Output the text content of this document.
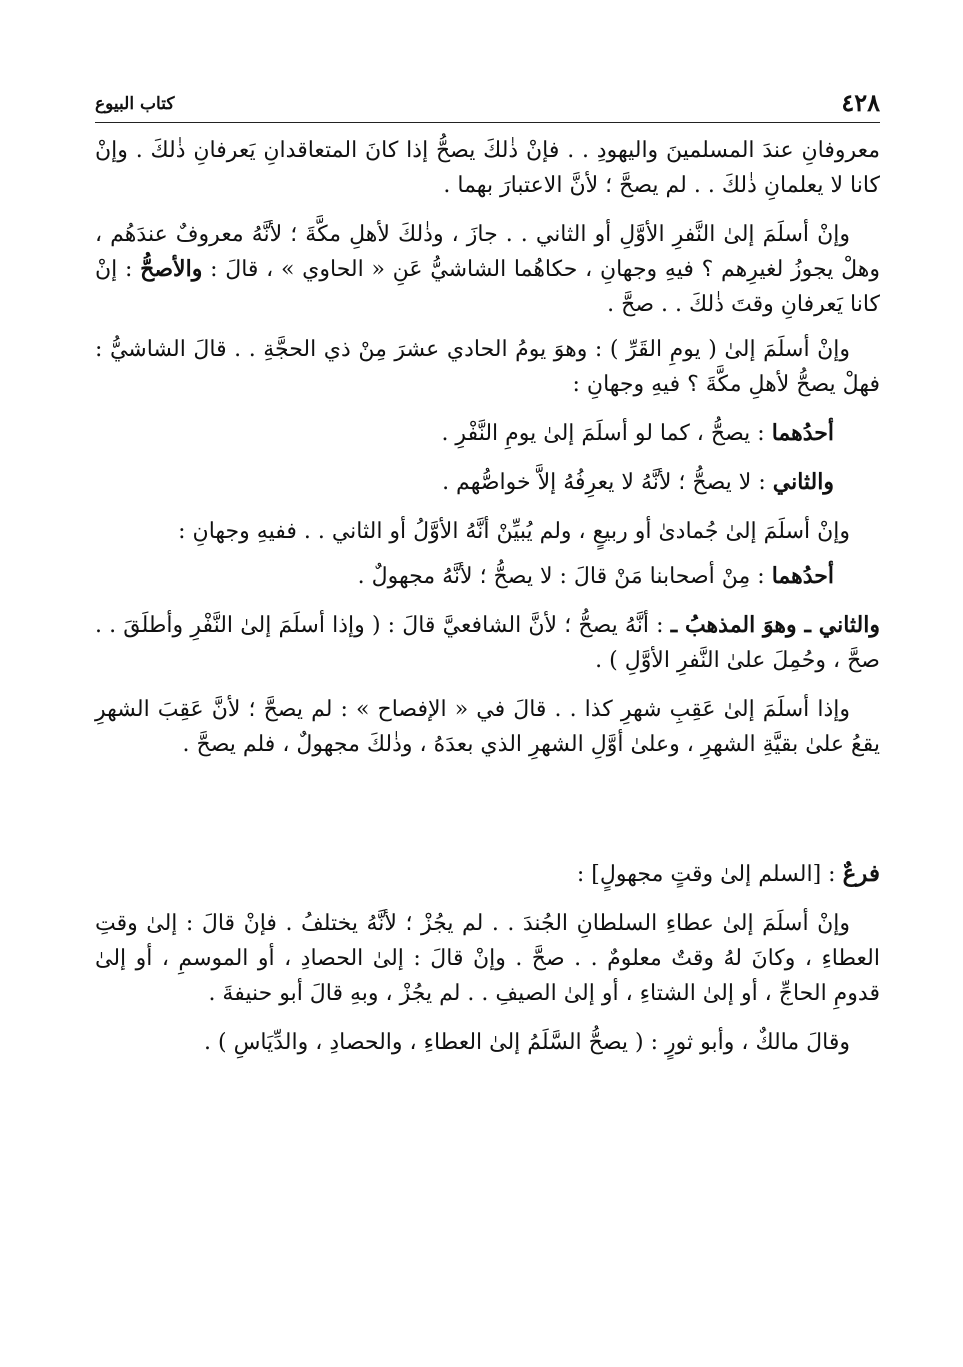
٤٢٨
كتاب البيوع

معروفانِ عندَ المسلمينَ واليهودِ . . فإنْ ذٰلكَ يصحُّ إذا كانَ المتعاقدانِ يَعرفانِ ذٰلكَ . وإنْ كانا لا يعلمانِ ذٰلكَ . . لم يصحَّ ؛ لأنَّ الاعتبارَ بهما .

وإنْ أسلَمَ إلىٰ النَّفرِ الأوَّلِ أو الثاني . . جازَ ، وذٰلكَ لأهلِ مكَّةَ ؛ لأنَّهُ معروفٌ عندَهُم ، وهلْ يجوزُ لغيرِهم ؟ فيهِ وجهانِ ، حكاهُما الشاشيُّ عَنِ « الحاوي » ، قالَ : والأصحُّ : إنْ كانا يَعرفانِ وقتَ ذٰلكَ . . صحَّ .

وإنْ أسلَمَ إلىٰ ( يومِ القَرِّ ) : وهوَ يومُ الحادي عشرَ مِنْ ذي الحجَّةِ . . قالَ الشاشيُّ : فهلْ يصحُّ لأهلِ مكَّةَ ؟ فيهِ وجهانِ :

أحدُهما : يصحُّ ، كما لو أسلَمَ إلىٰ يومِ النَّفْرِ .

والثاني : لا يصحُّ ؛ لأنَّهُ لا يعرِفُهُ إلاَّ خواصُّهم .

وإنْ أسلَمَ إلىٰ جُمادىٰ أو ربيعٍ ، ولم يُبيِّنْ أنَّهُ الأوَّلُ أو الثاني . . ففيهِ وجهانِ :

أحدُهما : مِنْ أصحابنا مَنْ قالَ : لا يصحُّ ؛ لأنَّهُ مجهولٌ .

والثاني ـ وهوَ المذهبُ ـ : أنَّهُ يصحُّ ؛ لأنَّ الشافعيَّ قالَ : ( وإذا أسلَمَ إلىٰ النَّفْرِ وأطلَقَ . . صحَّ ، وحُمِلَ علىٰ النَّفرِ الأوَّلِ ) .

وإذا أسلَمَ إلىٰ عَقِبِ شهرِ كذا . . قالَ في « الإفصاح » : لم يصحَّ ؛ لأنَّ عَقِبَ الشهرِ يقعُ علىٰ بقيَّةِ الشهرِ ، وعلىٰ أوَّلِ الشهرِ الذي بعدَهُ ، وذٰلكَ مجهولٌ ، فلم يصحَّ .

فرعٌ : [السلم إلىٰ وقتٍ مجهولٍ] :

وإنْ أسلَمَ إلىٰ عطاءِ السلطانِ الجُندَ . . لم يجُزْ ؛ لأنَّهُ يختلفُ . فإنْ قالَ : إلىٰ وقتِ العطاءِ ، وكانَ لهُ وقتٌ معلومٌ . . صحَّ . وإنْ قالَ : إلىٰ الحصادِ ، أو الموسمِ ، أو إلىٰ قدومِ الحاجِّ ، أو إلىٰ الشتاءِ ، أو إلىٰ الصيفِ . . لم يجُزْ ، وبهِ قالَ أبو حنيفةَ .

وقالَ مالكٌ ، وأبو ثورٍ : ( يصحُّ السَّلَمُ إلىٰ العطاءِ ، والحصادِ ، والدِّيَاسِ ) .
